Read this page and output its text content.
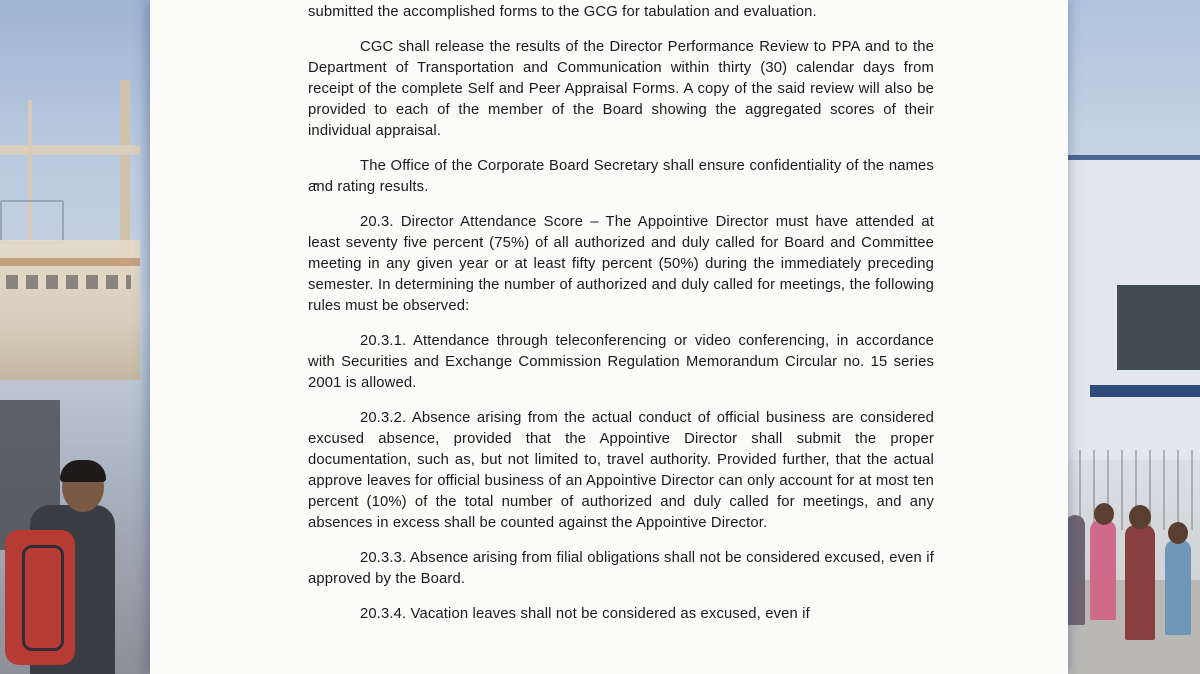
submitted the accomplished forms to the GCG for tabulation and evaluation.

CGC shall release the results of the Director Performance Review to PPA and to the Department of Transportation and Communication within thirty (30) calendar days from receipt of the complete Self and Peer Appraisal Forms. A copy of the said review will also be provided to each of the member of the Board showing the aggregated scores of their individual appraisal.

The Office of the Corporate Board Secretary shall ensure confidentiality of the names and rating results.

20.3. Director Attendance Score – The Appointive Director must have attended at least seventy five percent (75%) of all authorized and duly called for Board and Committee meeting in any given year or at least fifty percent (50%) during the immediately preceding semester. In determining the number of authorized and duly called for meetings, the following rules must be observed:

20.3.1. Attendance through teleconferencing or video conferencing, in accordance with Securities and Exchange Commission Regulation Memorandum Circular no. 15 series 2001 is allowed.

20.3.2. Absence arising from the actual conduct of official business are considered excused absence, provided that the Appointive Director shall submit the proper documentation, such as, but not limited to, travel authority. Provided further, that the actual approve leaves for official business of an Appointive Director can only account for at most ten percent (10%) of the total number of authorized and duly called for meetings, and any absences in excess shall be counted against the Appointive Director.

20.3.3. Absence arising from filial obligations shall not be considered excused, even if approved by the Board.

20.3.4. Vacation leaves shall not be considered as excused, even if
